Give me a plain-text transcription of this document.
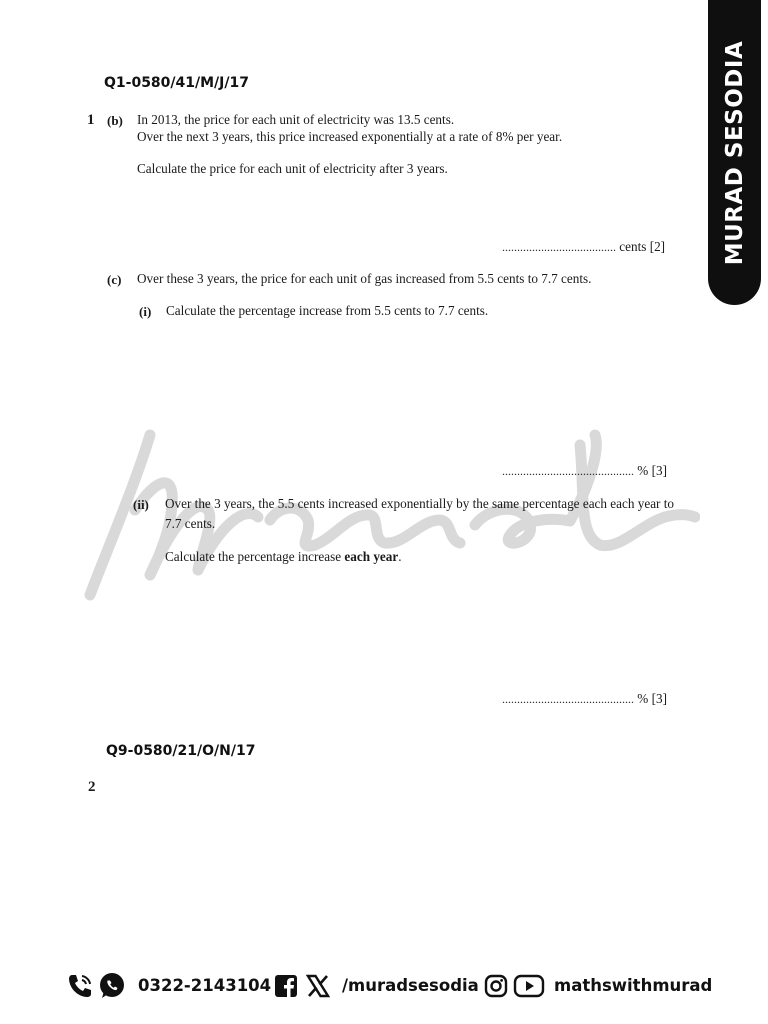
MURAD SESODIA
Q1-0580/41/M/J/17
1 (b) In 2013, the price for each unit of electricity was 13.5 cents.
Over the next 3 years, this price increased exponentially at a rate of 8% per year.
Calculate the price for each unit of electricity after 3 years.
...................................... cents [2]
(c) Over these 3 years, the price for each unit of gas increased from 5.5 cents to 7.7 cents.
(i) Calculate the percentage increase from 5.5 cents to 7.7 cents.
............................................ % [3]
(ii) Over the 3 years, the 5.5 cents increased exponentially by the same percentage each each year to 7.7 cents.
Calculate the percentage increase each year.
............................................ % [3]
Q9-0580/21/O/N/17
2
0322-2143104	/muradsesodia	mathswithmurad
